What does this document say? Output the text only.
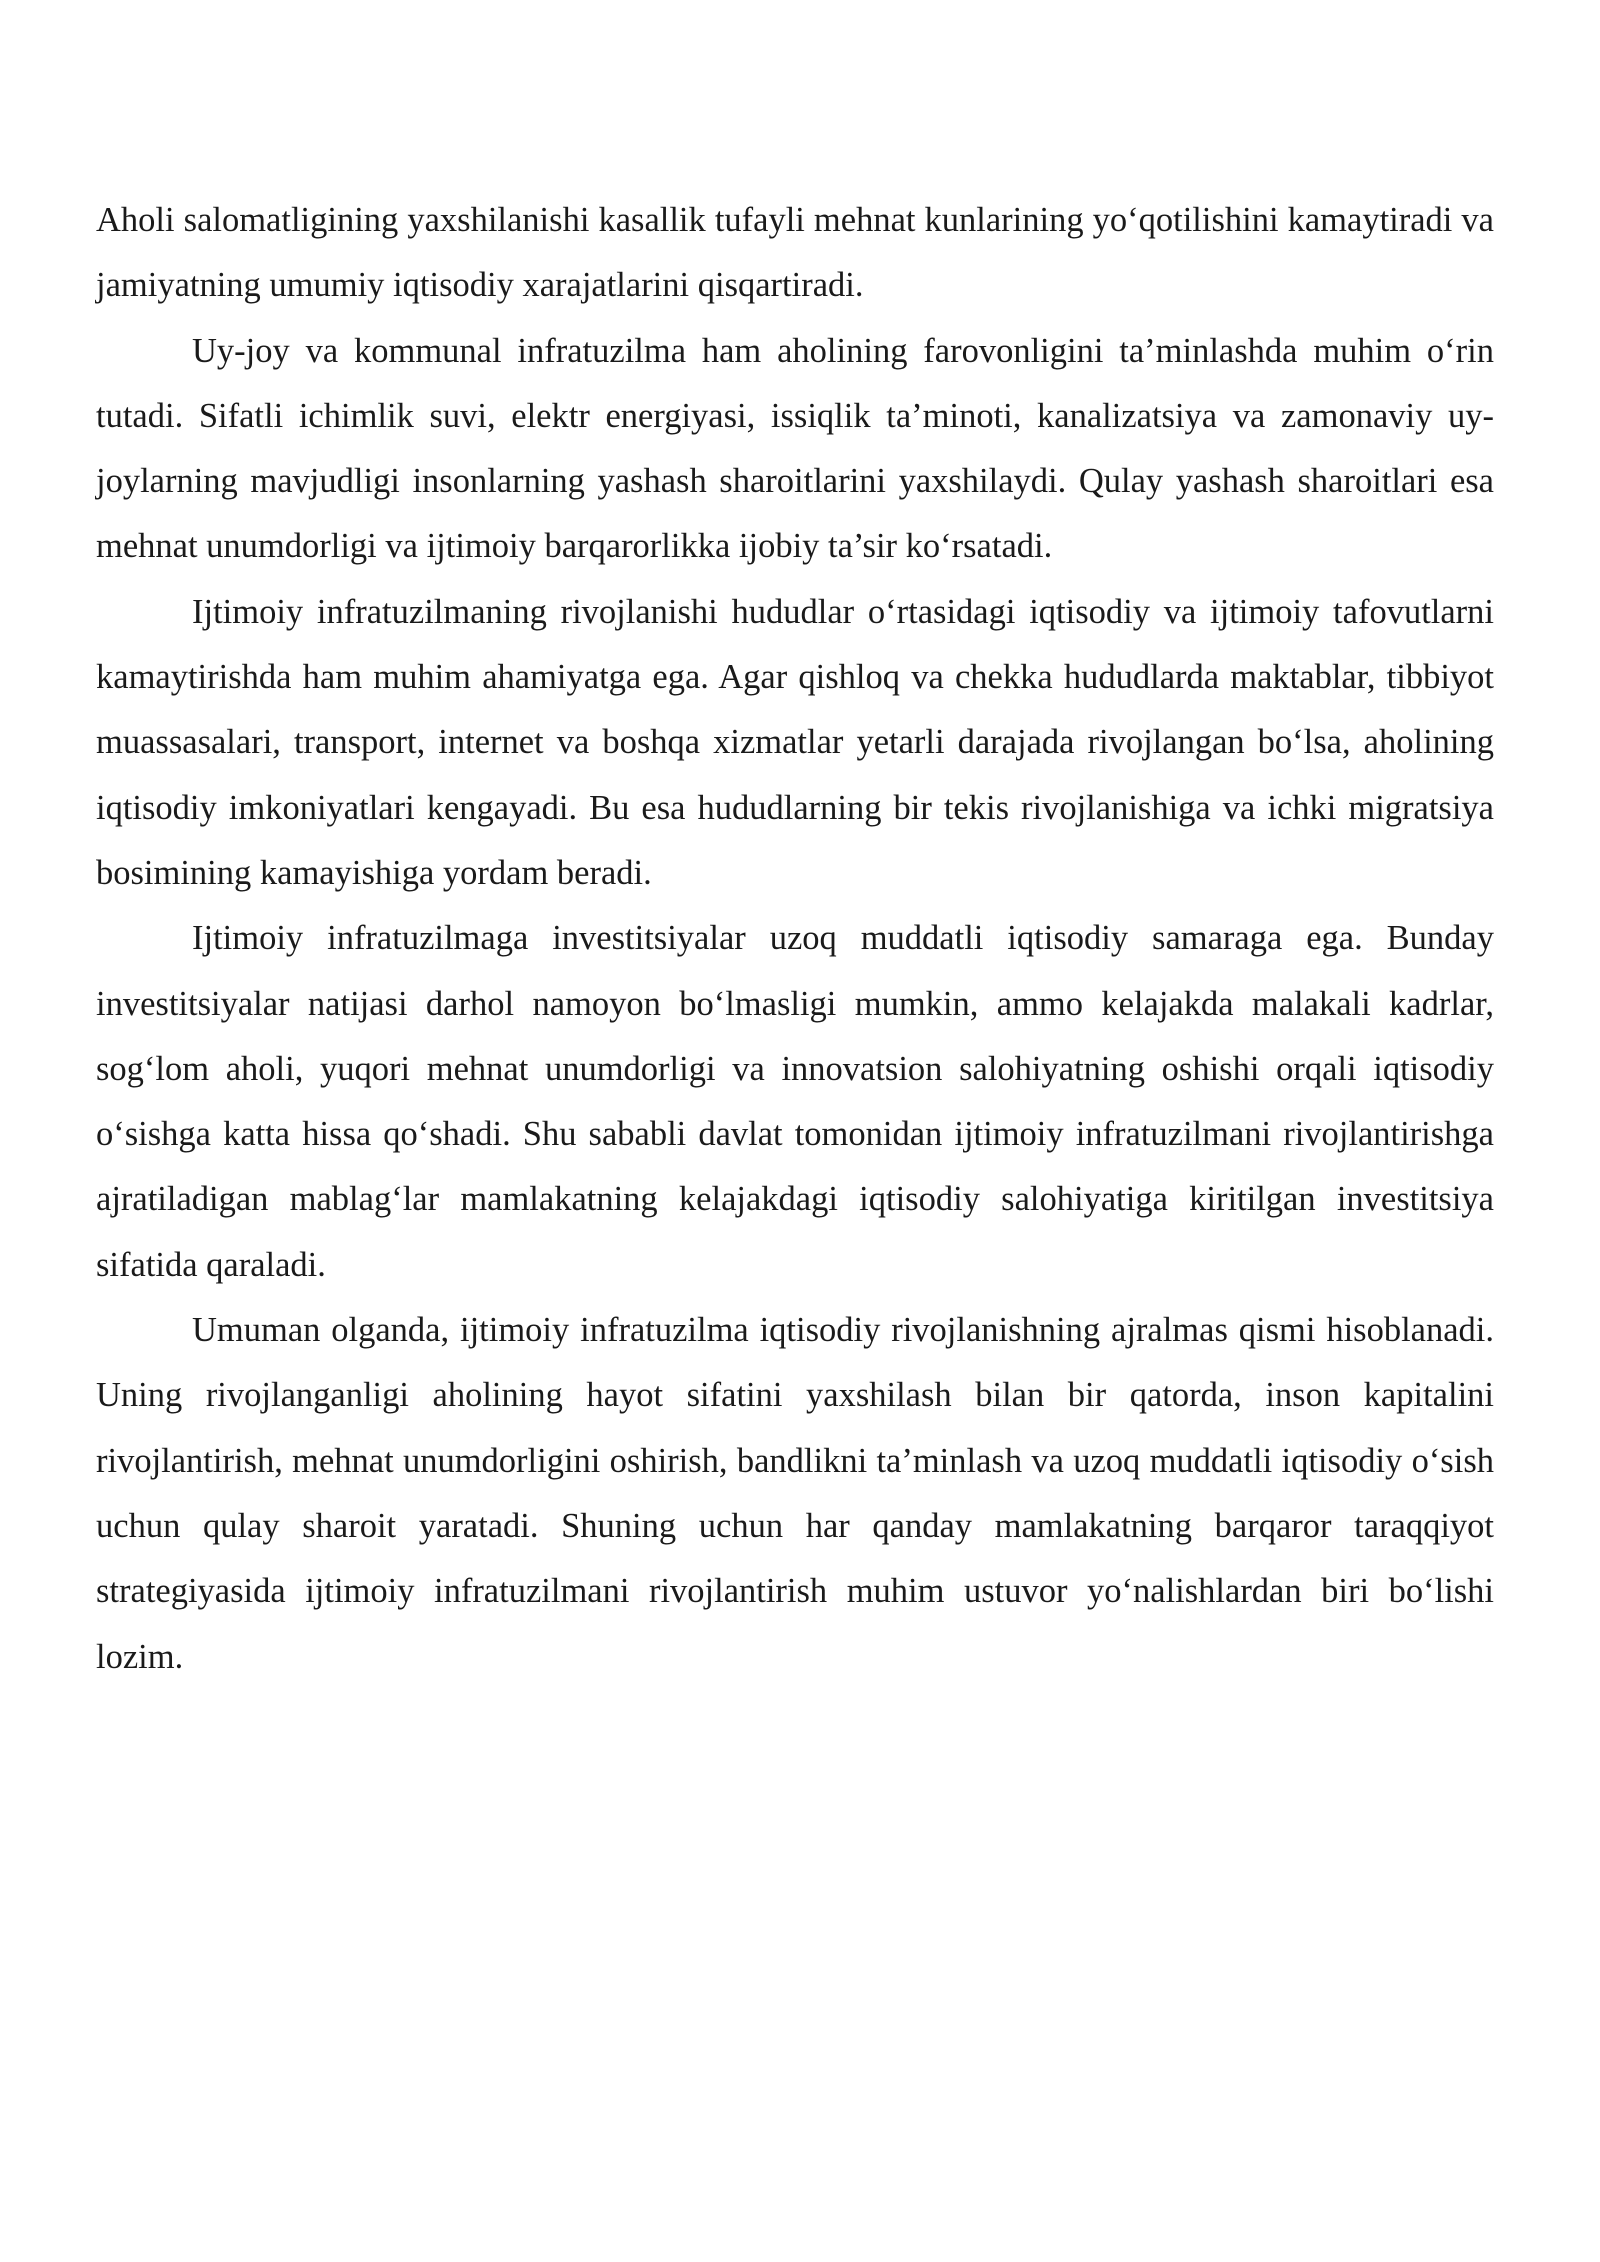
Aholi salomatligining yaxshilanishi kasallik tufayli mehnat kunlarining yo‘qotilishini kamaytiradi va jamiyatning umumiy iqtisodiy xarajatlarini qisqartiradi.

Uy-joy va kommunal infratuzilma ham aholining farovonligini ta’minlashda muhim o‘rin tutadi. Sifatli ichimlik suvi, elektr energiyasi, issiqlik ta’minoti, kanalizatsiya va zamonaviy uy-joylarning mavjudligi insonlarning yashash sharoitlarini yaxshilaydi. Qulay yashash sharoitlari esa mehnat unumdorligi va ijtimoiy barqarorlikka ijobiy ta’sir ko‘rsatadi.

Ijtimoiy infratuzilmaning rivojlanishi hududlar o‘rtasidagi iqtisodiy va ijtimoiy tafovutlarni kamaytirishda ham muhim ahamiyatga ega. Agar qishloq va chekka hududlarda maktablar, tibbiyot muassasalari, transport, internet va boshqa xizmatlar yetarli darajada rivojlangan bo‘lsa, aholining iqtisodiy imkoniyatlari kengayadi. Bu esa hududlarning bir tekis rivojlanishiga va ichki migratsiya bosimining kamayishiga yordam beradi.

Ijtimoiy infratuzilmaga investitsiyalar uzoq muddatli iqtisodiy samaraga ega. Bunday investitsiyalar natijasi darhol namoyon bo‘lmasligi mumkin, ammo kelajakda malakali kadrlar, sog‘lom aholi, yuqori mehnat unumdorligi va innovatsion salohiyatning oshishi orqali iqtisodiy o‘sishga katta hissa qo‘shadi. Shu sababli davlat tomonidan ijtimoiy infratuzilmani rivojlantirishga ajratiladigan mablag‘lar mamlakatning kelajakdagi iqtisodiy salohiyatiga kiritilgan investitsiya sifatida qaraladi.

Umuman olganda, ijtimoiy infratuzilma iqtisodiy rivojlanishning ajralmas qismi hisoblanadi. Uning rivojlanganligi aholining hayot sifatini yaxshilash bilan bir qatorda, inson kapitalini rivojlantirish, mehnat unumdorligini oshirish, bandlikni ta’minlash va uzoq muddatli iqtisodiy o‘sish uchun qulay sharoit yaratadi. Shuning uchun har qanday mamlakatning barqaror taraqqiyot strategiyasida ijtimoiy infratuzilmani rivojlantirish muhim ustuvor yo‘nalishlardan biri bo‘lishi lozim.
